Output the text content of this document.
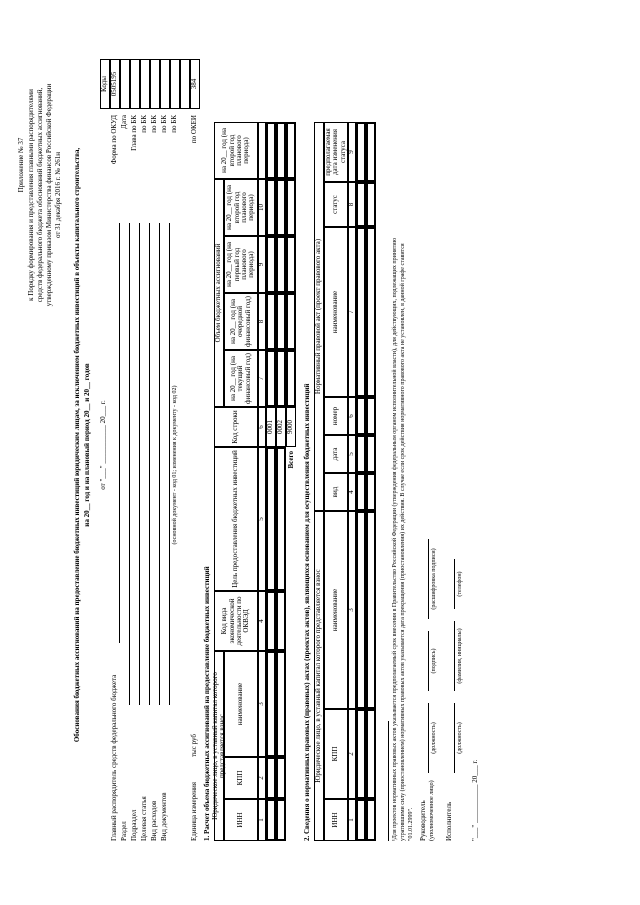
Приложение № 37 к Порядку формирования и представления главными распорядителями средств федерального бюджета обоснований бюджетных ассигнований, утвержденному приказом Министерства финансов Российской Федерации от 31 декабря 2016 г. № 261н Обоснования бюджетных ассигнований на предоставление бюджетных инвестиций юридическим лицам, за исключением бюджетных инвестиций в объекты капитального строительства, на 20__ год и на плановый период 20__ и 20__ годов от "___" ___________ 20___ г.
Коды 0505195	384
Форма по ОКУД Дата Глава по БК по БК по БК по БК по БК по ОКЕИ
Главный распорядитель средств федерального бюджета Раздел Подраздел Целевая статья Вид расходов Вид документов
(основной документ - код 01; изменения к документу - код 02)
Единица измерения
тыс руб 1. Расчет объема бюджетных ассигнований на предоставление бюджетных инвестиций Юридическое лицо, в уставный капитал которого представляется взнос
Код вида экономической деятельности по ОКВЭД
Цель предоставления бюджетных инвестиций
Код строки
Объем бюджетных ассигнований
на 20__ год (на второй год планового периода)
ИНН
КПП
наименование
на 20__ год (на текущий финансовый год)
на 20__ год (на очередной финансовый год)
на 20__ год (на первый год планового периода)
на 20__ год (на второй год планового периода)
1
2
3
4
5
6
7
8
9
10
0001 0002
Всего
9000 2. Сведения о нормативных правовых (правовых) актах (проектах актов), являющихся основанием для осуществления бюджетных инвестиций Юридическое лицо, в уставный капитал которого представляется взнос
Нормативный правовой акт (проект правового акта)
ИНН
КПП
наименование
вид
дата
номер
наименование
статус
предполагаемая дата изменения статуса
1
2
3
4
5
6
7
8
9
¹Для проектов нормативных правовых актов указывается предполагаемый срок внесения в Правительство Российской Федерации (утверждения федеральным органом исполнительной власти), для действующих, подлежащих принятию утратившими силу (приостановлением) нормативных правовых актов указывается дата прекращения (приостановления) их действия. В случае если срок действия нормативного правового акта не установлен, в данной графе ставится "01.01.2999". Руководитель (уполномоченное лицо)
(должность)
(подпись)
(расшифровка подписи)
Исполнитель
(должность)
(фамилия, инициалы)
(телефон)
"___" ___________ 20___ г.
